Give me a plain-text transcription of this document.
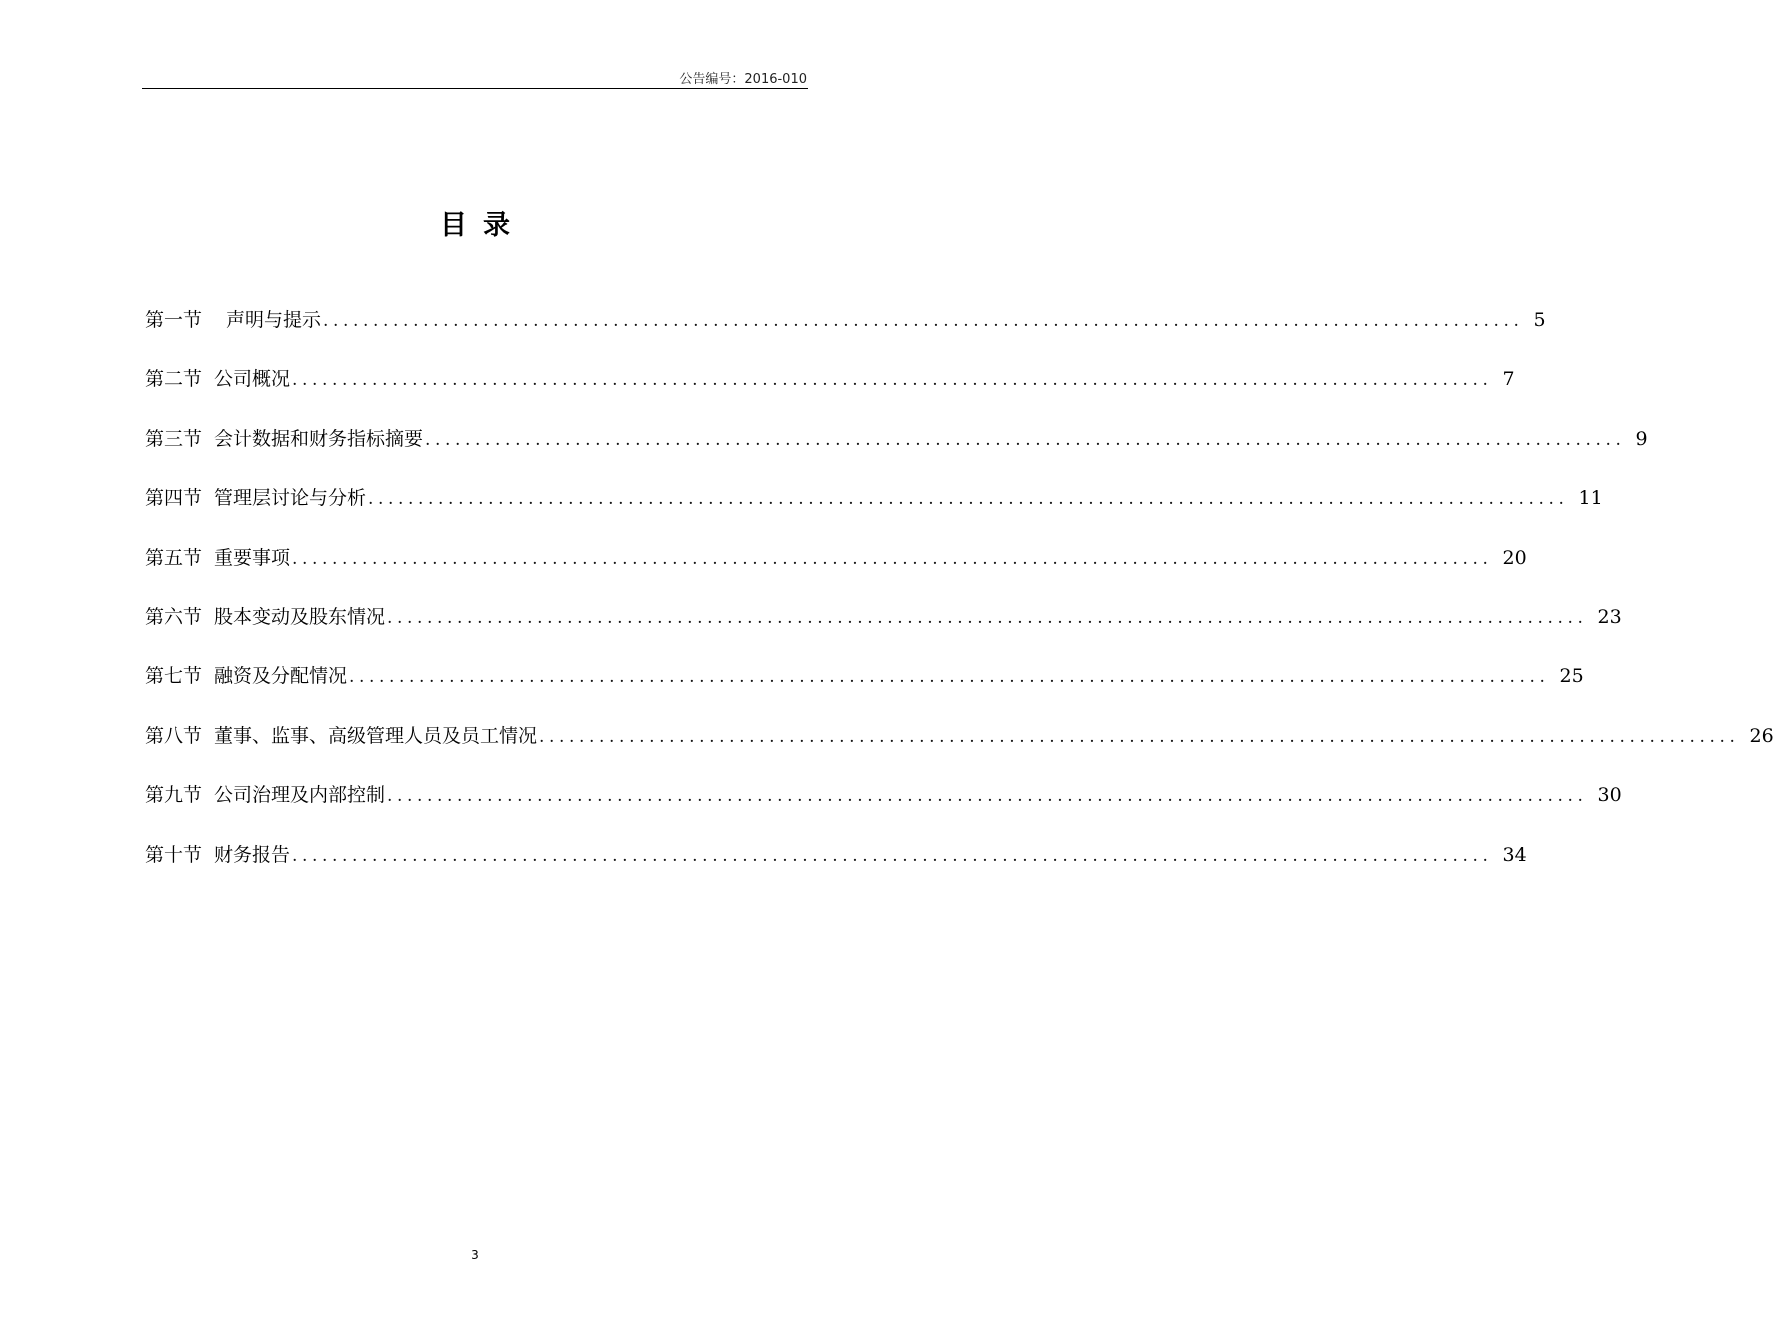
公告编号：2016-010
目录
第一节 声明与提示 ........................................................................................................................ 5
第二节 公司概况 ........................................................................................................................ 7
第三节 会计数据和财务指标摘要 ........................................................................................................................ 9
第四节 管理层讨论与分析 ........................................................................................................................ 11
第五节 重要事项 ........................................................................................................................ 20
第六节 股本变动及股东情况 ........................................................................................................................ 23
第七节 融资及分配情况 ........................................................................................................................ 25
第八节 董事、监事、高级管理人员及员工情况 ........................................................................................................................ 26
第九节 公司治理及内部控制 ........................................................................................................................ 30
第十节 财务报告 ........................................................................................................................ 34
3
